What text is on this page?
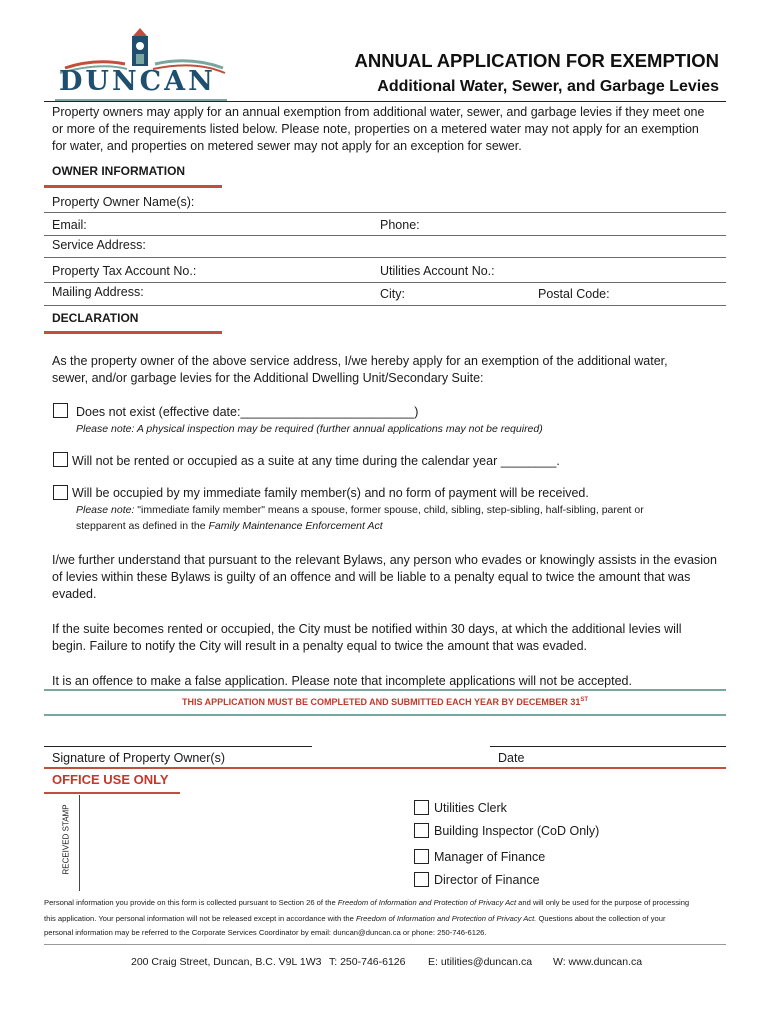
DUNCAN
ANNUAL APPLICATION FOR EXEMPTION
Additional Water, Sewer, and Garbage Levies
Property owners may apply for an annual exemption from additional water, sewer, and garbage levies if they meet one
or more of the requirements listed below. Please note, properties on a metered water may not apply for an exemption
for water, and properties on metered sewer may not apply for an exception for sewer.
OWNER INFORMATION
Property Owner Name(s):
Email:	Phone:
Service Address:
Property Tax Account No.:	Utilities Account No.:
Mailing Address:	City:	Postal Code:
DECLARATION
As the property owner of the above service address, I/we hereby apply for an exemption of the additional water,
sewer, and/or garbage levies for the Additional Dwelling Unit/Secondary Suite:
Does not exist (effective date:_________________________)
Please note: A physical inspection may be required (further annual applications may not be required)
Will not be rented or occupied as a suite at any time during the calendar year ________.
Will be occupied by my immediate family member(s) and no form of payment will be received.
Please note: "immediate family member" means a spouse, former spouse, child, sibling, step-sibling, half-sibling, parent or
stepparent as defined in the Family Maintenance Enforcement Act
I/we further understand that pursuant to the relevant Bylaws, any person who evades or knowingly assists in the evasion
of levies within these Bylaws is guilty of an offence and will be liable to a penalty equal to twice the amount that was
evaded.
If the suite becomes rented or occupied, the City must be notified within 30 days, at which the additional levies will
begin. Failure to notify the City will result in a penalty equal to twice the amount that was evaded.
It is an offence to make a false application. Please note that incomplete applications will not be accepted.
THIS APPLICATION MUST BE COMPLETED AND SUBMITTED EACH YEAR BY DECEMBER 31ST
Signature of Property Owner(s)	Date
OFFICE USE ONLY
RECEIVED STAMP	Utilities Clerk
Building Inspector (CoD Only)
Manager of Finance
Director of Finance
Personal information you provide on this form is collected pursuant to Section 26 of the Freedom of Information and Protection of Privacy Act and will only be used for the purpose of processing
this application. Your personal information will not be released except in accordance with the Freedom of Information and Protection of Privacy Act. Questions about the collection of your
personal information may be referred to the Corporate Services Coordinator by email: duncan@duncan.ca or phone: 250-746-6126.
200 Craig Street, Duncan, B.C. V9L 1W3 T: 250-746-6126 E: utilities@duncan.ca W: www.duncan.ca
